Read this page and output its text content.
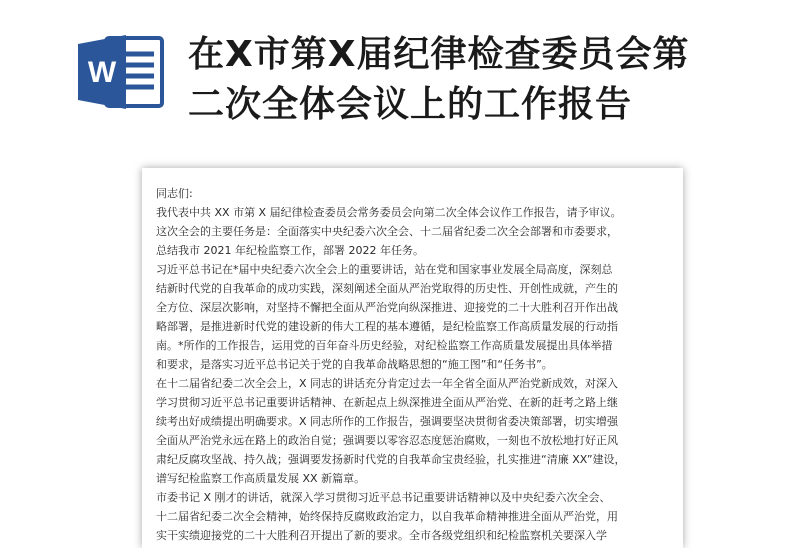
W 在X市第X届纪律检查委员会第
二次全体会议上的工作报告

同志们:

我代表中共 XX 市第 X 届纪律检查委员会常务委员会向第二次全体会议作工作报告，请予审议。

这次全会的主要任务是：全面落实中央纪委六次全会、十二届省纪委二次全会部署和市委要求，

总结我市 2021 年纪检监察工作，部署 2022 年任务。

习近平总书记在*届中央纪委六次全会上的重要讲话，站在党和国家事业发展全局高度，深刻总

结新时代党的自我革命的成功实践，深刻阐述全面从严治党取得的历史性、开创性成就，产生的

全方位、深层次影响，对坚持不懈把全面从严治党向纵深推进、迎接党的二十大胜利召开作出战

略部署，是推进新时代党的建设新的伟大工程的基本遵循，是纪检监察工作高质量发展的行动指

南。*所作的工作报告，运用党的百年奋斗历史经验，对纪检监察工作高质量发展提出具体举措

和要求，是落实习近平总书记关于党的自我革命战略思想的“施工图”和“任务书”。

在十二届省纪委二次全会上，X 同志的讲话充分肯定过去一年全省全面从严治党新成效，对深入

学习贯彻习近平总书记重要讲话精神、在新起点上纵深推进全面从严治党、在新的赶考之路上继

续考出好成绩提出明确要求。X 同志所作的工作报告，强调要坚决贯彻省委决策部署，切实增强

全面从严治党永远在路上的政治自觉；强调要以零容忍态度惩治腐败，一刻也不放松地打好正风

肃纪反腐攻坚战、持久战；强调要发扬新时代党的自我革命宝贵经验，扎实推进“清廉 XX”建设，

谱写纪检监察工作高质量发展 XX 新篇章。

市委书记 X 刚才的讲话，就深入学习贯彻习近平总书记重要讲话精神以及中央纪委六次全会、

十二届省纪委二次全会精神，始终保持反腐败政治定力，以自我革命精神推进全面从严治党，用

实干实绩迎接党的二十大胜利召开提出了新的要求。全市各级党组织和纪检监察机关要深入学
